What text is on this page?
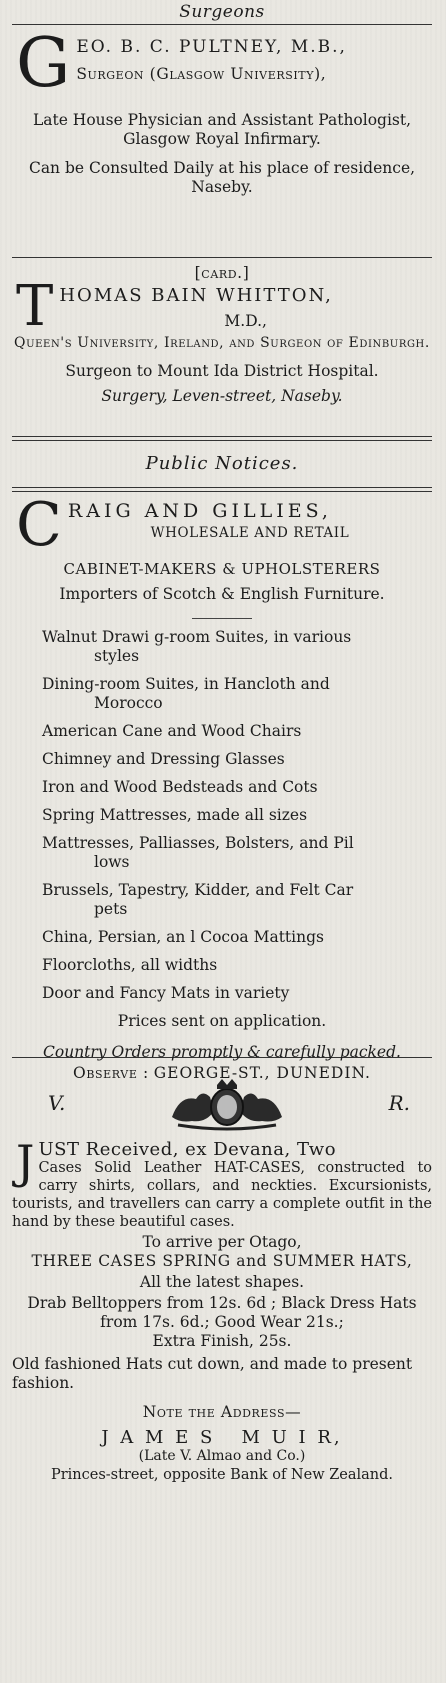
Surgeons
G EO. B. C. PULTNEY, M.B.,
Surgeon (Glasgow University),
Late House Physician and Assistant Pathologist, Glasgow Royal Infirmary.
Can be Consulted Daily at his place of residence, Naseby.
[card.]
T HOMAS BAIN WHITTON,
M.D.,
Queen's University, Ireland, and Surgeon of Edinburgh.
Surgeon to Mount Ida District Hospital.
Surgery, Leven-street, Naseby.
Public Notices.
C RAIG AND GILLIES,
WHOLESALE AND RETAIL
CABINET-MAKERS & UPHOLSTERERS
Importers of Scotch & English Furniture.
Walnut Drawi g-room Suites, in various
styles
Dining-room Suites, in Hancloth and
Morocco
American Cane and Wood Chairs
Chimney and Dressing Glasses
Iron and Wood Bedsteads and Cots
Spring Mattresses, made all sizes
Mattresses, Palliasses, Bolsters, and Pil
lows
Brussels, Tapestry, Kidder, and Felt Car
pets
China, Persian, an l Cocoa Mattings
Floorcloths, all widths
Door and Fancy Mats in variety
Prices sent on application.
Country Orders promptly & carefully packed.
Observe : GEORGE-ST., DUNEDIN.
V.	R.
J UST Received, ex Devana, Two
Cases Solid Leather HAT-CASES, constructed to carry shirts, collars, and neckties. Excursionists, tourists, and travellers can carry a complete outfit in the hand by these beautiful cases.
To arrive per Otago,
THREE CASES SPRING and SUMMER HATS,
All the latest shapes.
Drab Belltoppers from 12s. 6d ; Black Dress Hats from 17s. 6d.; Good Wear 21s.;
Extra Finish, 25s.
Old fashioned Hats cut down, and made to present fashion.
Note the Address—
J A M E S   M U I R,
(Late V. Almao and Co.)
Princes-street, opposite Bank of New Zealand.
